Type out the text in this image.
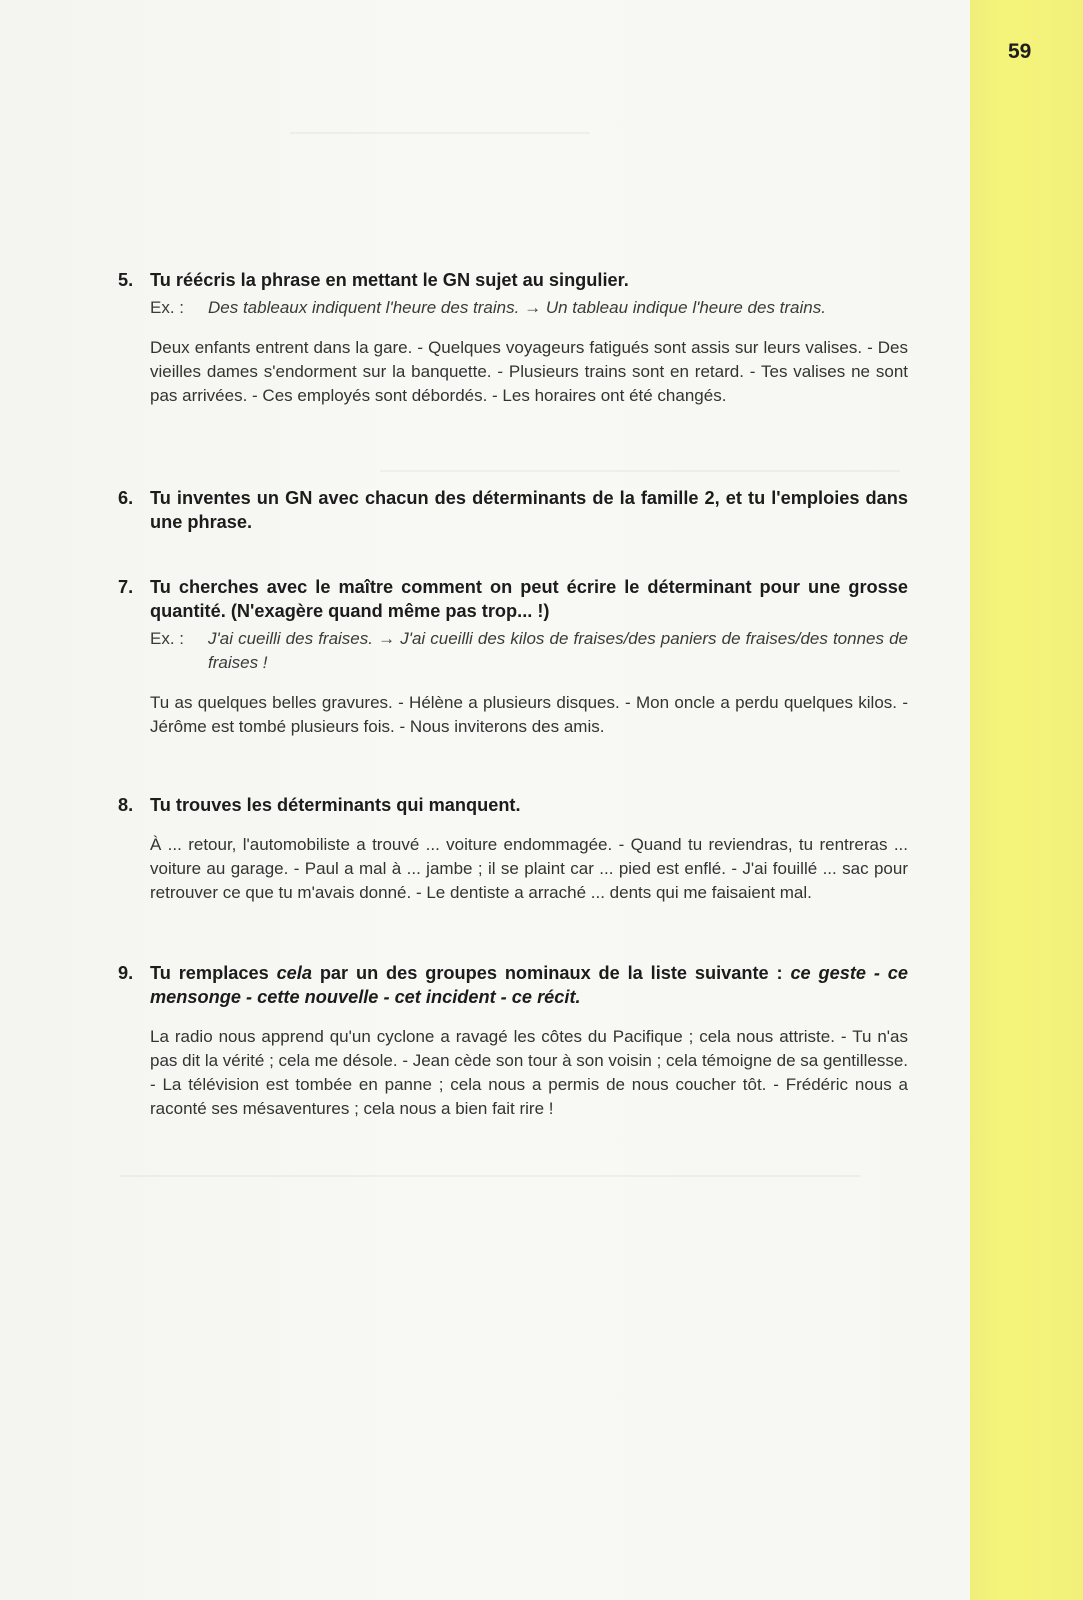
59
5. Tu réécris la phrase en mettant le GN sujet au singulier.
Ex. :	Des tableaux indiquent l'heure des trains. → Un tableau indique l'heure des trains.
Deux enfants entrent dans la gare. - Quelques voyageurs fatigués sont assis sur leurs valises. - Des vieilles dames s'endorment sur la banquette. - Plusieurs trains sont en retard. - Tes valises ne sont pas arrivées. - Ces employés sont débordés. - Les horaires ont été changés.
6. Tu inventes un GN avec chacun des déterminants de la famille 2, et tu l'emploies dans une phrase.
7. Tu cherches avec le maître comment on peut écrire le déterminant pour une grosse quantité. (N'exagère quand même pas trop... !)
Ex. :	J'ai cueilli des fraises. → J'ai cueilli des kilos de fraises/des paniers de fraises/des tonnes de fraises !
Tu as quelques belles gravures. - Hélène a plusieurs disques. - Mon oncle a perdu quelques kilos. - Jérôme est tombé plusieurs fois. - Nous inviterons des amis.
8. Tu trouves les déterminants qui manquent.
À ... retour, l'automobiliste a trouvé ... voiture endommagée. - Quand tu reviendras, tu rentreras ... voiture au garage. - Paul a mal à ... jambe ; il se plaint car ... pied est enflé. - J'ai fouillé ... sac pour retrouver ce que tu m'avais donné. - Le dentiste a arraché ... dents qui me faisaient mal.
9. Tu remplaces cela par un des groupes nominaux de la liste suivante : ce geste - ce mensonge - cette nouvelle - cet incident - ce récit.
La radio nous apprend qu'un cyclone a ravagé les côtes du Pacifique ; cela nous attriste. - Tu n'as pas dit la vérité ; cela me désole. - Jean cède son tour à son voisin ; cela témoigne de sa gentillesse. - La télévision est tombée en panne ; cela nous a permis de nous coucher tôt. - Frédéric nous a raconté ses mésaventures ; cela nous a bien fait rire !
